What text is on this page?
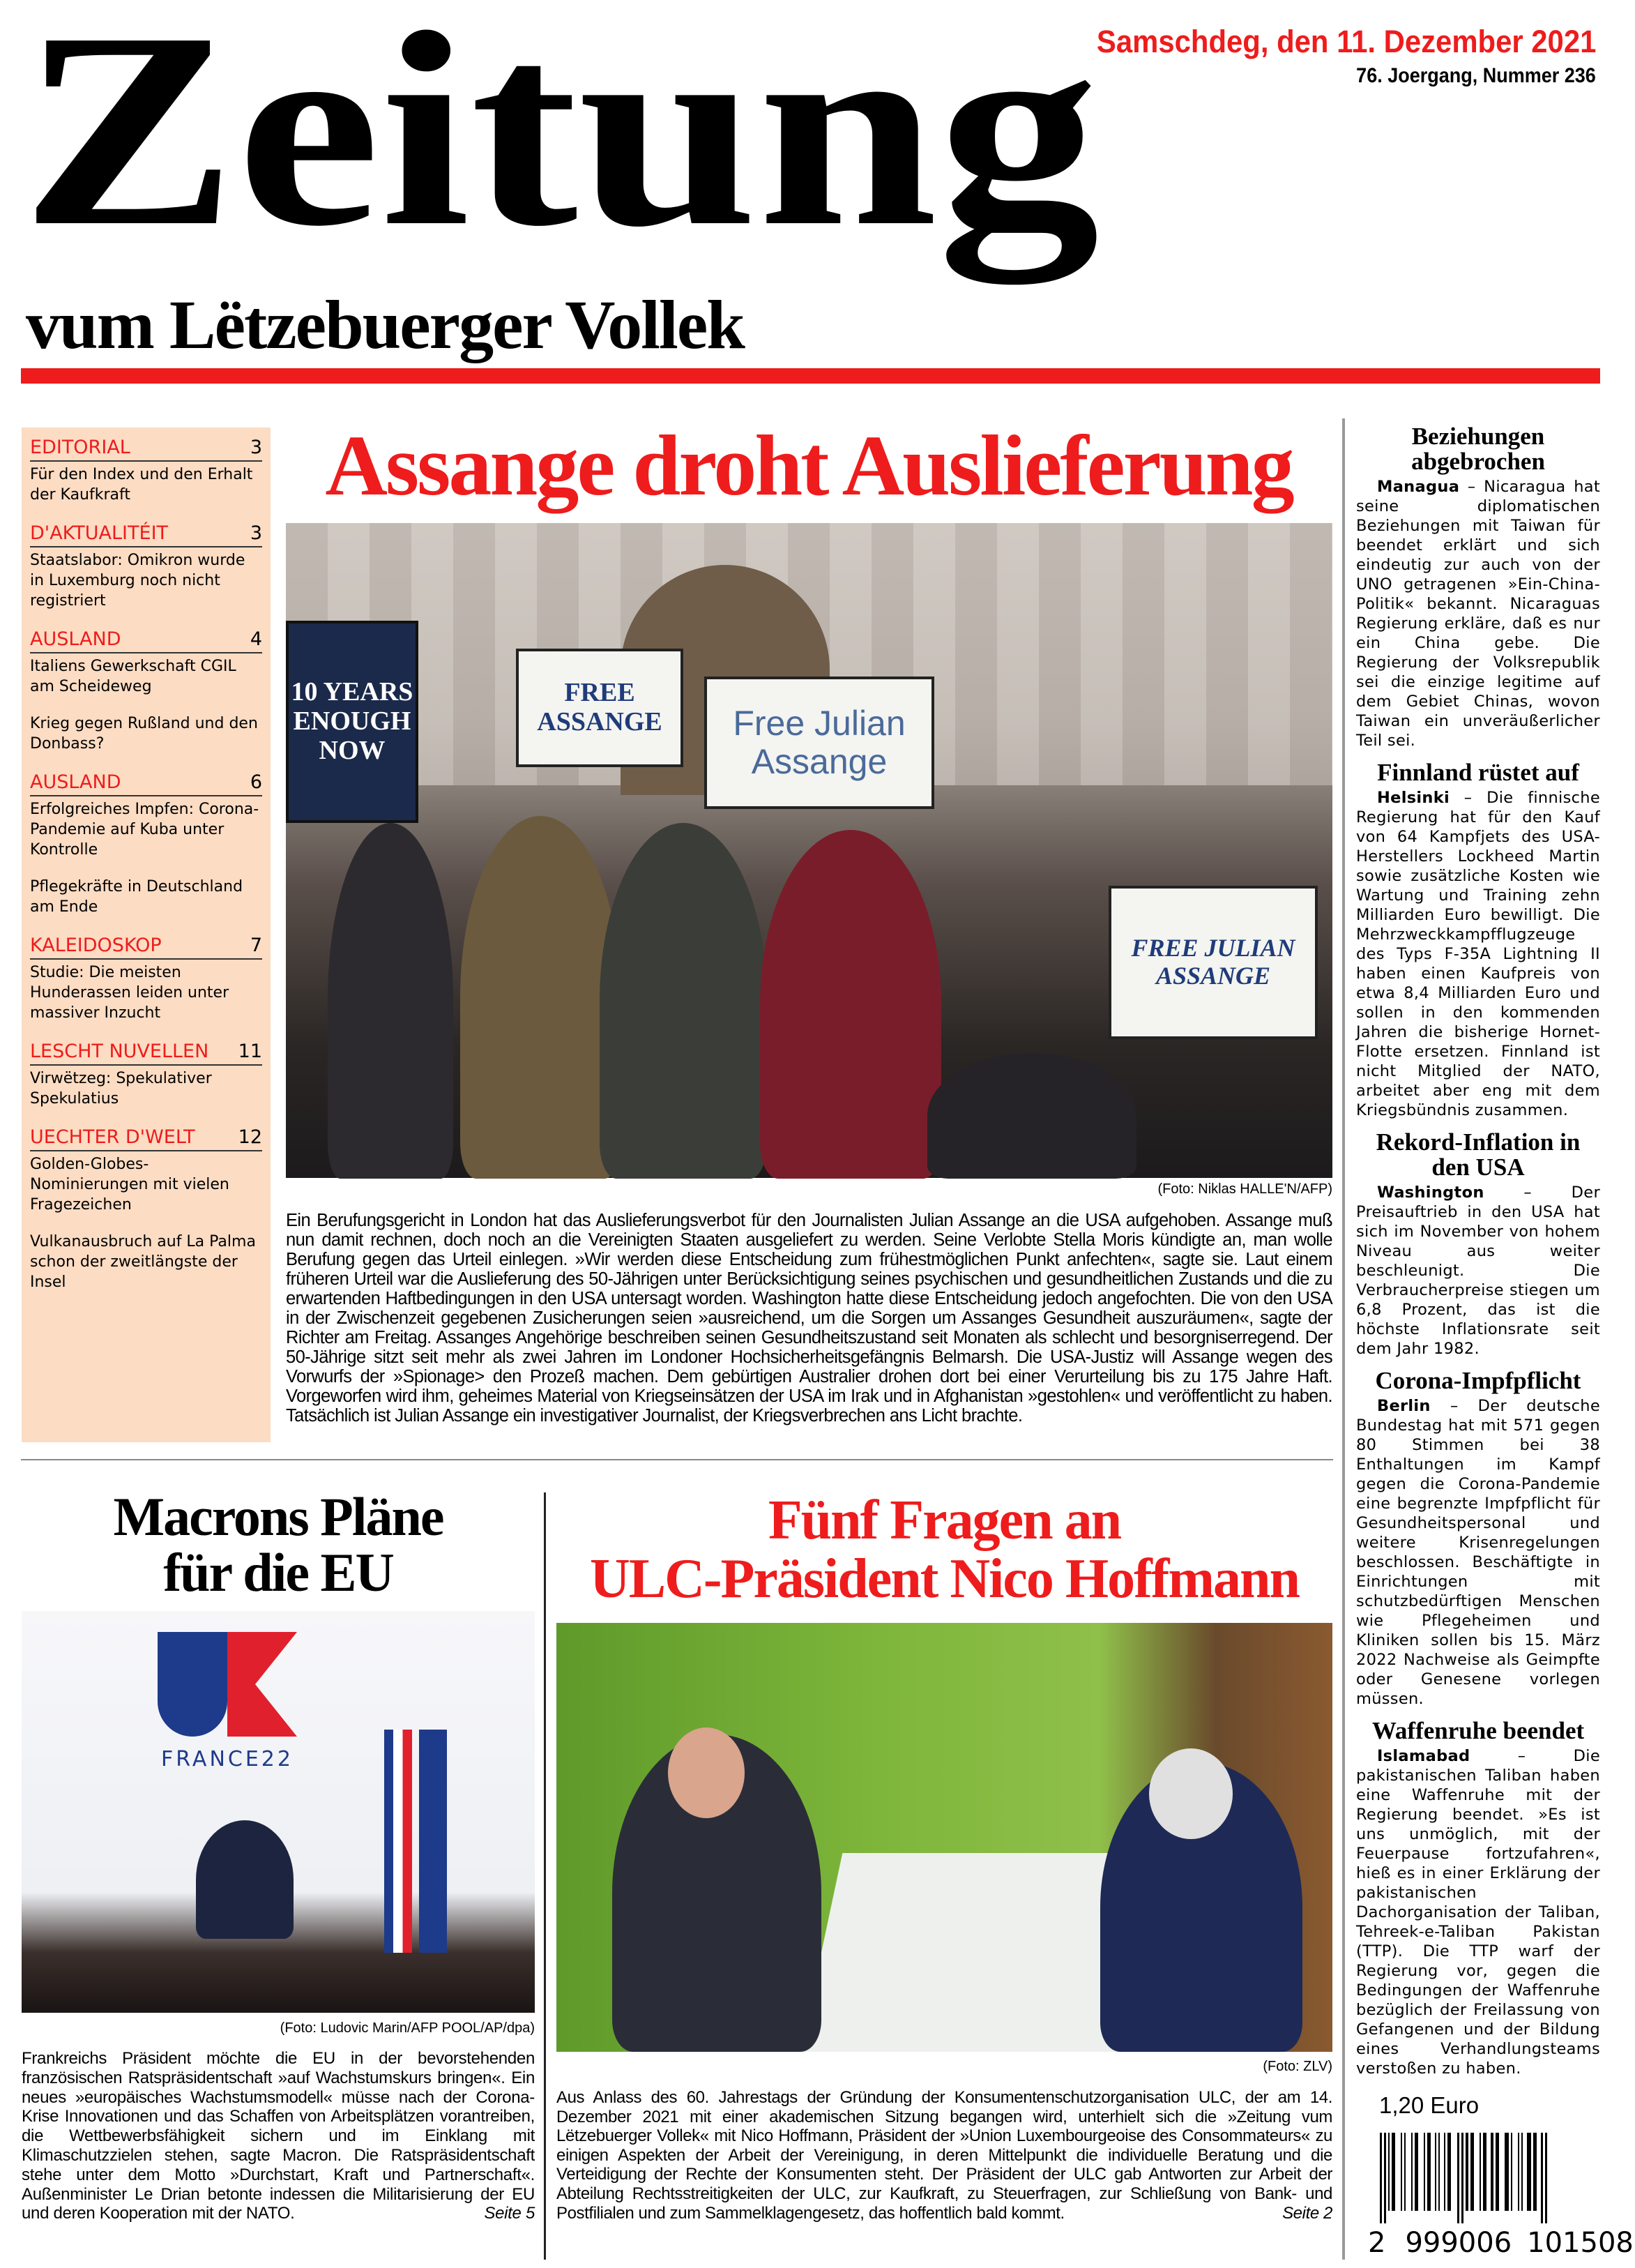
Zeitung
vum Lëtzebuerger Vollek
Samschdeg, den 11. Dezember 2021
76. Joergang, Nummer 236
EDITORIAL	3
Für den Index und den Erhalt der Kaufkraft
D'AKTUALITÉIT	3
Staatslabor: Omikron wurde in Luxemburg noch nicht registriert
AUSLAND	4
Italiens Gewerkschaft CGIL am Scheideweg
Krieg gegen Rußland und den Donbass?
AUSLAND	6
Erfolgreiches Impfen: Corona-Pandemie auf Kuba unter Kontrolle
Pflegekräfte in Deutschland am Ende
KALEIDOSKOP	7
Studie: Die meisten Hunderassen leiden unter massiver Inzucht
LESCHT NUVELLEN 11
Virwëtzeg: Spekulativer Spekulatius
UECHTER D'WELT 12
Golden-Globes-Nominierungen mit vielen Fragezeichen
Vulkanausbruch auf La Palma schon der zweitlängste der Insel
Assange droht Auslieferung
10 YEARS ENOUGH NOW
FREE ASSANGE	Free Julian Assange
FREE JULIAN ASSANGE
(Foto: Niklas HALLE'N/AFP)
Ein Berufungsgericht in London hat das Auslieferungsverbot für den Journalisten Julian Assange an die USA aufgehoben. Assange muß nun damit rechnen, doch noch an die Vereinigten Staaten ausgeliefert zu werden. Seine Verlobte Stella Moris kündigte an, man wolle Berufung gegen das Urteil einlegen. »Wir werden diese Entscheidung zum frühestmöglichen Punkt anfechten«, sagte sie. Laut einem früheren Urteil war die Auslieferung des 50-Jährigen unter Berücksichtigung seines psychischen und gesundheitlichen Zustands und die zu erwartenden Haftbedingungen in den USA untersagt worden. Washington hatte diese Entscheidung jedoch angefochten. Die von den USA in der Zwischenzeit gegebenen Zusicherungen seien »ausreichend, um die Sorgen um Assanges Gesundheit auszuräumen«, sagte der Richter am Freitag. Assanges Angehörige beschreiben seinen Gesundheitszustand seit Monaten als schlecht und besorgniserregend. Der 50-Jährige sitzt seit mehr als zwei Jahren im Londoner Hochsicherheitsgefängnis Belmarsh. Die USA-Justiz will Assange wegen des Vorwurfs der »Spionage> den Prozeß machen. Dem gebürtigen Australier drohen dort bei einer Verurteilung bis zu 175 Jahre Haft. Vorgeworfen wird ihm, geheimes Material von Kriegseinsätzen der USA im Irak und in Afghanistan »gestohlen« und veröffentlicht zu haben. Tatsächlich ist Julian Assange ein investigativer Journalist, der Kriegsverbrechen ans Licht brachte.
Beziehungen abgebrochen

Managua – Nicaragua hat seine diplomatischen Beziehungen mit Taiwan für beendet erklärt und sich eindeutig zur auch von der UNO getragenen »Ein-China-Politik« bekannt. Nicaraguas Regierung erkläre, daß es nur ein China gebe. Die Regierung der Volksrepublik sei die einzige legitime auf dem Gebiet Chinas, wovon Taiwan ein unveräußerlicher Teil sei.

Finnland rüstet auf

Helsinki – Die finnische Regierung hat für den Kauf von 64 Kampfjets des USA-Herstellers Lockheed Martin sowie zusätzliche Kosten wie Wartung und Training zehn Milliarden Euro bewilligt. Die Mehrzweckkampfflugzeuge des Typs F-35A Lightning II haben einen Kaufpreis von etwa 8,4 Milliarden Euro und sollen in den kommenden Jahren die bisherige Hornet-Flotte ersetzen. Finnland ist nicht Mitglied der NATO, arbeitet aber eng mit dem Kriegsbündnis zusammen.

Rekord-Inflation in den USA

Washington – Der Preisauftrieb in den USA hat sich im November von hohem Niveau aus weiter beschleunigt. Die Verbraucherpreise stiegen um 6,8 Prozent, das ist die höchste Inflationsrate seit dem Jahr 1982.

Corona-Impfpflicht

Berlin – Der deutsche Bundestag hat mit 571 gegen 80 Stimmen bei 38 Enthaltungen im Kampf gegen die Corona-Pandemie eine begrenzte Impfpflicht für Gesundheitspersonal und weitere Krisenregelungen beschlossen. Beschäftigte in Einrichtungen mit schutzbedürftigen Menschen wie Pflegeheimen und Kliniken sollen bis 15. März 2022 Nachweise als Geimpfte oder Genesene vorlegen müssen.

Waffenruhe beendet

Islamabad – Die pakistanischen Taliban haben eine Waffenruhe mit der Regierung beendet. »Es ist uns unmöglich, mit der Feuerpause fortzufahren«, hieß es in einer Erklärung der pakistanischen Dachorganisation der Taliban, Tehreek-e-Taliban Pakistan (TTP). Die TTP warf der Regierung vor, gegen die Bedingungen der Waffenruhe bezüglich der Freilassung von Gefangenen und der Bildung eines Verhandlungsteams verstoßen zu haben.

Macrons Pläne
für die EU
FRANCE22
(Foto: Ludovic Marin/AFP POOL/AP/dpa)
Frankreichs Präsident möchte die EU in der bevorstehenden französischen Ratspräsidentschaft »auf Wachstumskurs bringen«. Ein neues »europäisches Wachstumsmodell« müsse nach der Corona-Krise Innovationen und das Schaffen von Arbeitsplätzen vorantreiben, die Wettbewerbsfähigkeit sichern und im Einklang mit Klimaschutzzielen stehen, sagte Macron. Die Ratspräsidentschaft stehe unter dem Motto »Durchstart, Kraft und Partnerschaft«. Außenminister Le Drian betonte indessen die Militarisierung der EU und deren Kooperation mit der NATO.	Seite 5
Fünf Fragen an
ULC-Präsident Nico Hoffmann
(Foto: ZLV)
Aus Anlass des 60. Jahrestags der Gründung der Konsumentenschutzorganisation ULC, der am 14. Dezember 2021 mit einer akademischen Sitzung begangen wird, unterhielt sich die »Zeitung vum Lëtzebuerger Vollek« mit Nico Hoffmann, Präsident der »Union Luxembourgeoise des Consommateurs« zu einigen Aspekten der Arbeit der Vereinigung, in deren Mittelpunkt die individuelle Beratung und die Verteidigung der Rechte der Konsumenten steht. Der Präsident der ULC gab Antworten zur Arbeit der Abteilung Rechtsstreitigkeiten der ULC, zur Kaufkraft, zu Steuerfragen, zur Schließung von Bank- und Postfilialen und zum Sammelklagengesetz, das hoffentlich bald kommt.	Seite 2
1,20 Euro
2 999006 101508
